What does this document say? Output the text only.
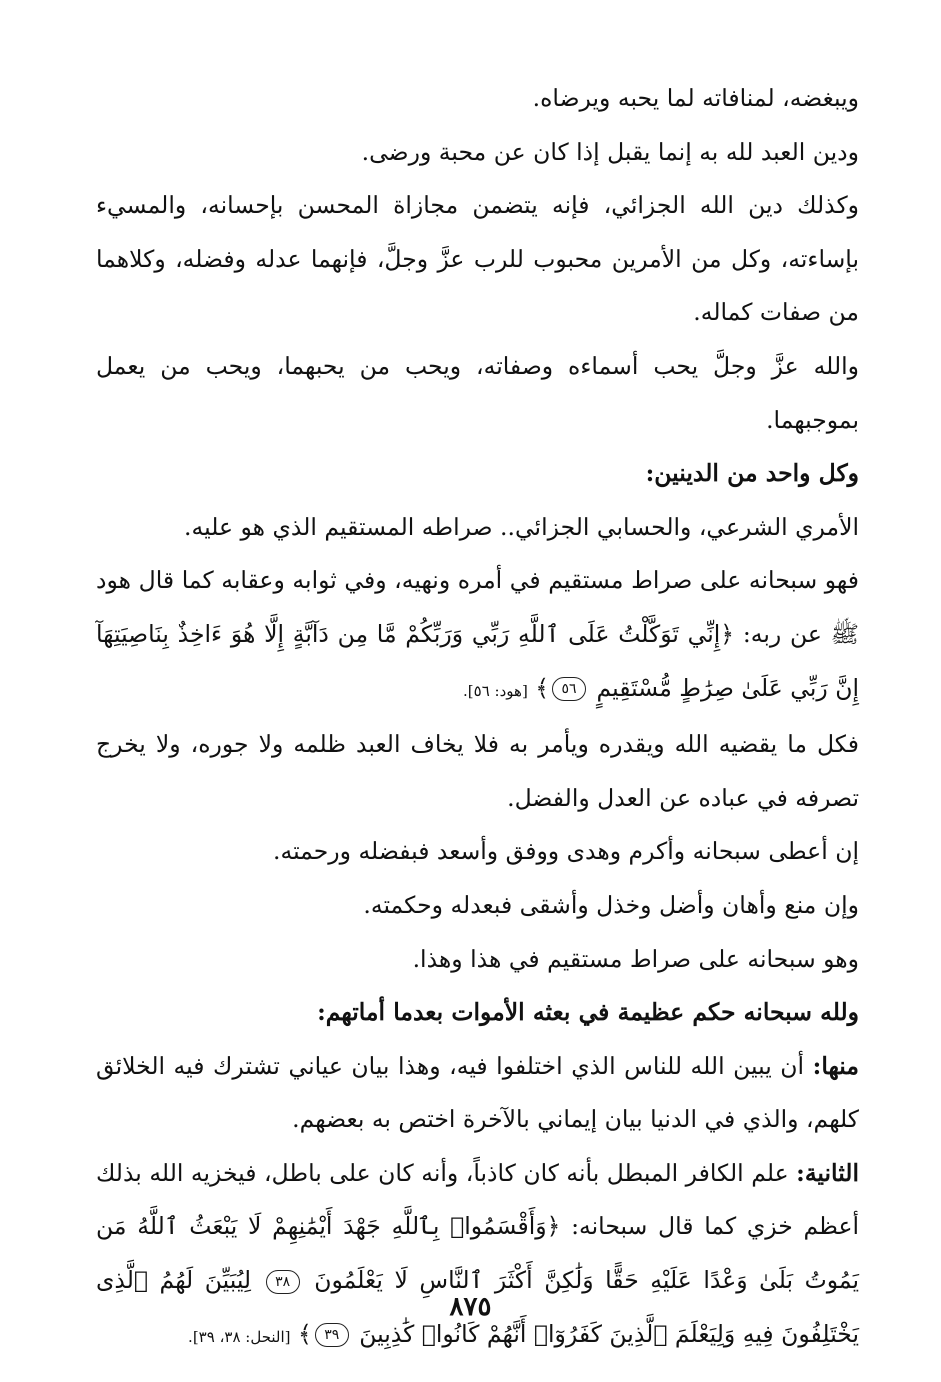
ويبغضه، لمنافاته لما يحبه ويرضاه.

ودين العبد لله به إنما يقبل إذا كان عن محبة ورضى.

وكذلك دين الله الجزائي، فإنه يتضمن مجازاة المحسن بإحسانه، والمسيء بإساءته، وكل من الأمرين محبوب للرب عزَّ وجلَّ، فإنهما عدله وفضله، وكلاهما من صفات كماله.

والله عزَّ وجلَّ يحب أسماءه وصفاته، ويحب من يحبهما، ويحب من يعمل بموجبهما.

وكل واحد من الدينين:

الأمري الشرعي، والحسابي الجزائي.. صراطه المستقيم الذي هو عليه.

فهو سبحانه على صراط مستقيم في أمره ونهيه، وفي ثوابه وعقابه كما قال هود ﷺ عن ربه: ﴿إِنِّي تَوَكَّلْتُ عَلَى ٱللَّهِ رَبِّي وَرَبِّكُمْ مَّا مِن دَآبَّةٍ إِلَّا هُوَ ءَاخِذٌ بِنَاصِيَتِهَآ إِنَّ رَبِّي عَلَىٰ صِرَٰطٍ مُّسْتَقِيمٍ ٥٦﴾ [هود: ٥٦].

فكل ما يقضيه الله ويقدره ويأمر به فلا يخاف العبد ظلمه ولا جوره، ولا يخرج تصرفه في عباده عن العدل والفضل.

إن أعطى سبحانه وأكرم وهدى ووفق وأسعد فبفضله ورحمته.

وإن منع وأهان وأضل وخذل وأشقى فبعدله وحكمته.

وهو سبحانه على صراط مستقيم في هذا وهذا.

ولله سبحانه حكم عظيمة في بعثه الأموات بعدما أماتهم:

منها: أن يبين الله للناس الذي اختلفوا فيه، وهذا بيان عياني تشترك فيه الخلائق كلهم، والذي في الدنيا بيان إيماني بالآخرة اختص به بعضهم.

الثانية: علم الكافر المبطل بأنه كان كاذباً، وأنه كان على باطل، فيخزيه الله بذلك أعظم خزي كما قال سبحانه: ﴿وَأَقْسَمُوا۟ بِٱللَّهِ جَهْدَ أَيْمَٰنِهِمْ لَا يَبْعَثُ ٱللَّهُ مَن يَمُوتُ بَلَىٰ وَعْدًا عَلَيْهِ حَقًّا وَلَٰكِنَّ أَكْثَرَ ٱلنَّاسِ لَا يَعْلَمُونَ ٣٨ لِيُبَيِّنَ لَهُمُ ٱلَّذِى يَخْتَلِفُونَ فِيهِ وَلِيَعْلَمَ ٱلَّذِينَ كَفَرُوٓا۟ أَنَّهُمْ كَانُوا۟ كَٰذِبِينَ ٣٩﴾ [النحل: ٣٨، ٣٩].

٨٧٥
